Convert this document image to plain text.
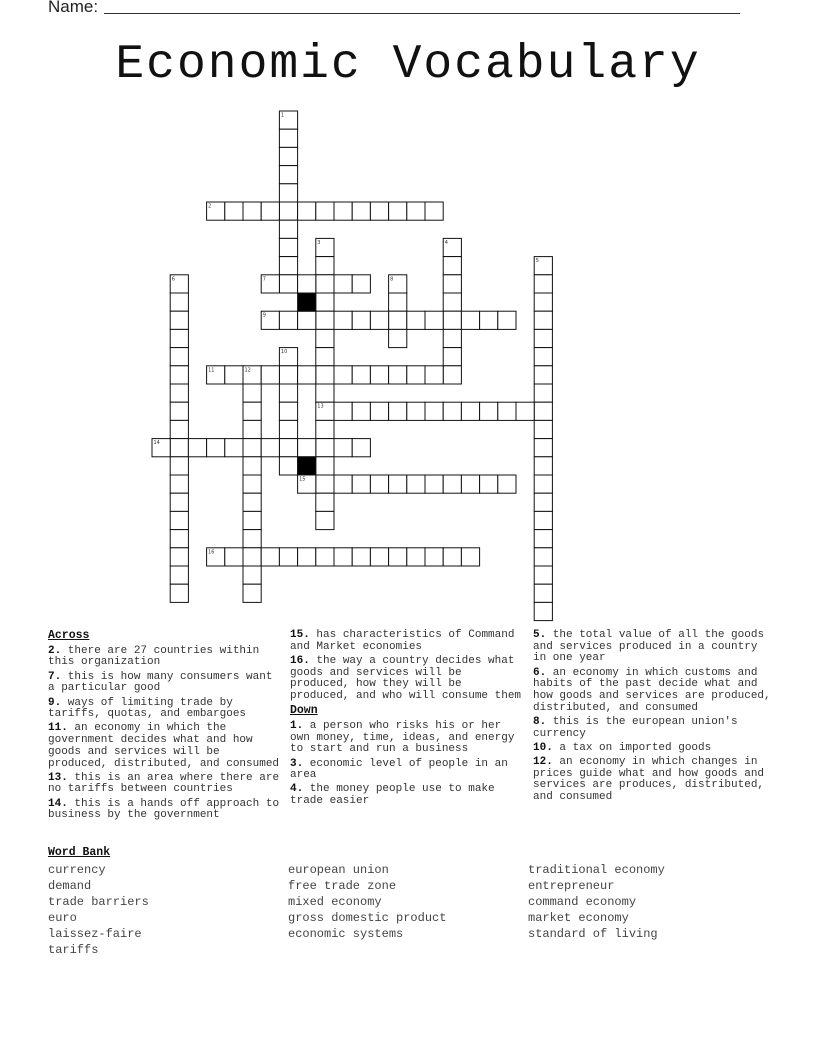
Name:
Economic Vocabulary
1
2
3	4
5
6	7	8
9
10
11	12
13
14
15
16
Across
2. there are 27 countries within this organization
7. this is how many consumers want a particular good
9. ways of limiting trade by tariffs, quotas, and embargoes
11. an economy in which the government decides what and how goods and services will be produced, distributed, and consumed
13. this is an area where there are no tariffs between countries
14. this is a hands off approach to business by the government
15. has characteristics of Command and Market economies
16. the way a country decides what goods and services will be produced, how they will be produced, and who will consume them
Down
1. a person who risks his or her own money, time, ideas, and energy to start and run a business
3. economic level of people in an area
4. the money people use to make trade easier
5. the total value of all the goods and services produced in a country in one year
6. an economy in which customs and habits of the past decide what and how goods and services are produced, distributed, and consumed
8. this is the european union's currency
10. a tax on imported goods
12. an economy in which changes in prices guide what and how goods and services are produces, distributed, and consumed
Word Bank
currency
demand
trade barriers
euro
laissez-faire
tariffs
european union
free trade zone
mixed economy
gross domestic product
economic systems
traditional economy
entrepreneur
command economy
market economy
standard of living
